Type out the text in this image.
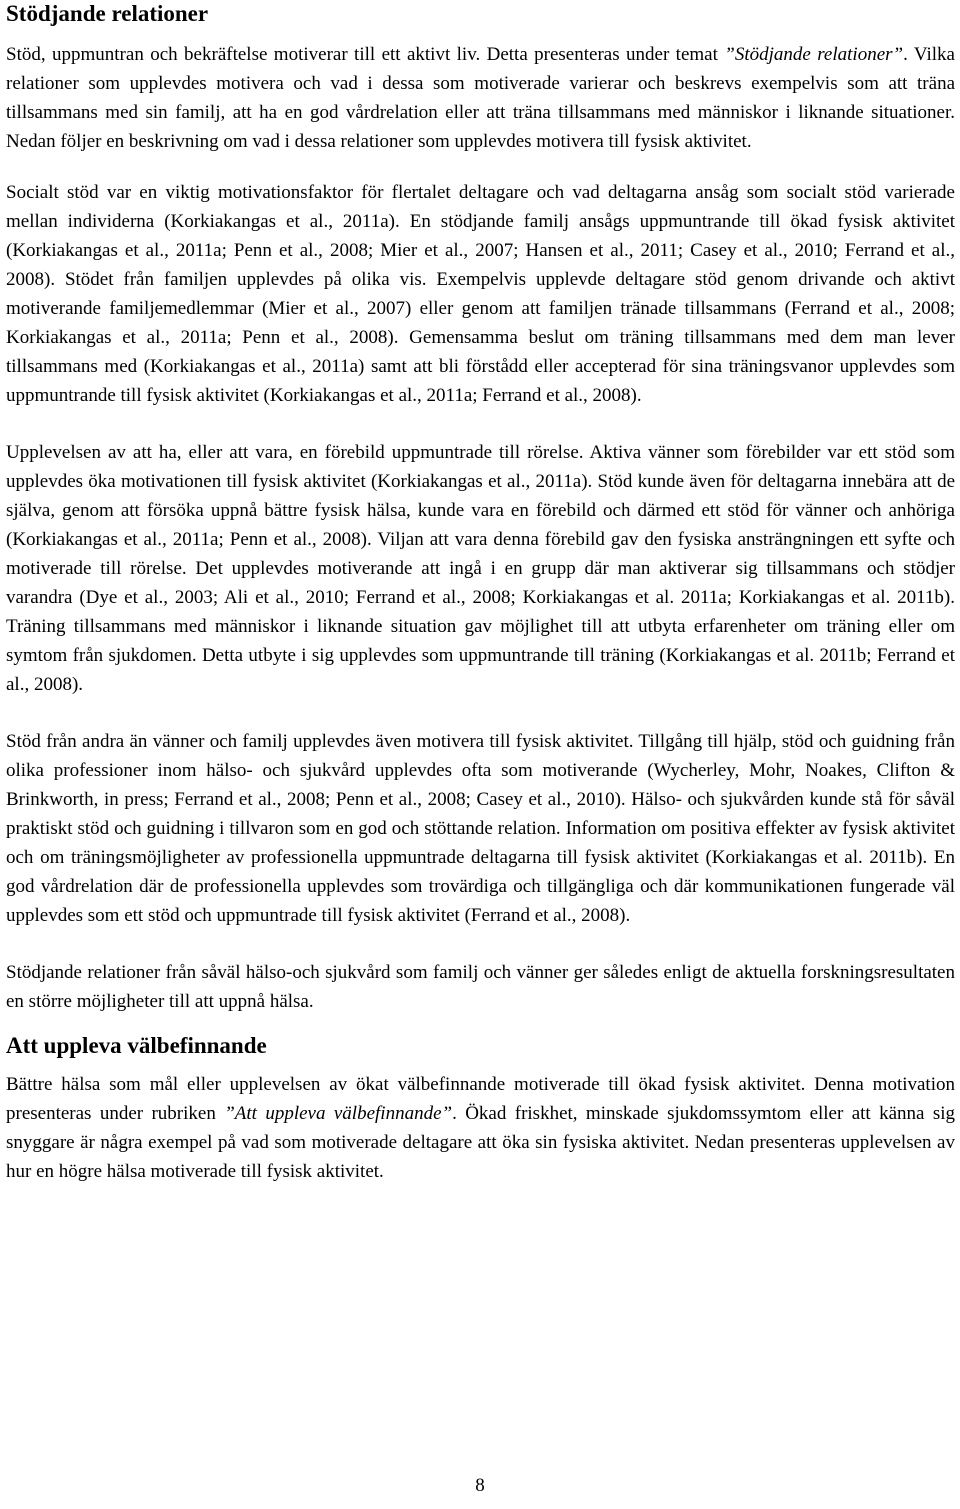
Stödjande relationer

Stöd, uppmuntran och bekräftelse motiverar till ett aktivt liv. Detta presenteras under temat ”Stödjande relationer”. Vilka relationer som upplevdes motivera och vad i dessa som motiverade varierar och beskrevs exempelvis som att träna tillsammans med sin familj, att ha en god vårdrelation eller att träna tillsammans med människor i liknande situationer. Nedan följer en beskrivning om vad i dessa relationer som upplevdes motivera till fysisk aktivitet.

Socialt stöd var en viktig motivationsfaktor för flertalet deltagare och vad deltagarna ansåg som socialt stöd varierade mellan individerna (Korkiakangas et al., 2011a). En stödjande familj ansågs uppmuntrande till ökad fysisk aktivitet (Korkiakangas et al., 2011a; Penn et al., 2008; Mier et al., 2007; Hansen et al., 2011; Casey et al., 2010; Ferrand et al., 2008). Stödet från familjen upplevdes på olika vis. Exempelvis upplevde deltagare stöd genom drivande och aktivt motiverande familjemedlemmar (Mier et al., 2007) eller genom att familjen tränade tillsammans (Ferrand et al., 2008; Korkiakangas et al., 2011a; Penn et al., 2008). Gemensamma beslut om träning tillsammans med dem man lever tillsammans med (Korkiakangas et al., 2011a) samt att bli förstådd eller accepterad för sina träningsvanor upplevdes som uppmuntrande till fysisk aktivitet (Korkiakangas et al., 2011a; Ferrand et al., 2008).

Upplevelsen av att ha, eller att vara, en förebild uppmuntrade till rörelse. Aktiva vänner som förebilder var ett stöd som upplevdes öka motivationen till fysisk aktivitet (Korkiakangas et al., 2011a). Stöd kunde även för deltagarna innebära att de själva, genom att försöka uppnå bättre fysisk hälsa, kunde vara en förebild och därmed ett stöd för vänner och anhöriga (Korkiakangas et al., 2011a; Penn et al., 2008). Viljan att vara denna förebild gav den fysiska ansträngningen ett syfte och motiverade till rörelse. Det upplevdes motiverande att ingå i en grupp där man aktiverar sig tillsammans och stödjer varandra (Dye et al., 2003; Ali et al., 2010; Ferrand et al., 2008; Korkiakangas et al. 2011a; Korkiakangas et al. 2011b). Träning tillsammans med människor i liknande situation gav möjlighet till att utbyta erfarenheter om träning eller om symtom från sjukdomen. Detta utbyte i sig upplevdes som uppmuntrande till träning (Korkiakangas et al. 2011b; Ferrand et al., 2008).

Stöd från andra än vänner och familj upplevdes även motivera till fysisk aktivitet. Tillgång till hjälp, stöd och guidning från olika professioner inom hälso- och sjukvård upplevdes ofta som motiverande (Wycherley, Mohr, Noakes, Clifton & Brinkworth, in press; Ferrand et al., 2008; Penn et al., 2008; Casey et al., 2010). Hälso- och sjukvården kunde stå för såväl praktiskt stöd och guidning i tillvaron som en god och stöttande relation. Information om positiva effekter av fysisk aktivitet och om träningsmöjligheter av professionella uppmuntrade deltagarna till fysisk aktivitet (Korkiakangas et al. 2011b). En god vårdrelation där de professionella upplevdes som trovärdiga och tillgängliga och där kommunikationen fungerade väl upplevdes som ett stöd och uppmuntrade till fysisk aktivitet (Ferrand et al., 2008).

Stödjande relationer från såväl hälso-och sjukvård som familj och vänner ger således enligt de aktuella forskningsresultaten en större möjligheter till att uppnå hälsa.

Att uppleva välbefinnande

Bättre hälsa som mål eller upplevelsen av ökat välbefinnande motiverade till ökad fysisk aktivitet. Denna motivation presenteras under rubriken ”Att uppleva välbefinnande”. Ökad friskhet, minskade sjukdomssymtom eller att känna sig snyggare är några exempel på vad som motiverade deltagare att öka sin fysiska aktivitet. Nedan presenteras upplevelsen av hur en högre hälsa motiverade till fysisk aktivitet.

8
